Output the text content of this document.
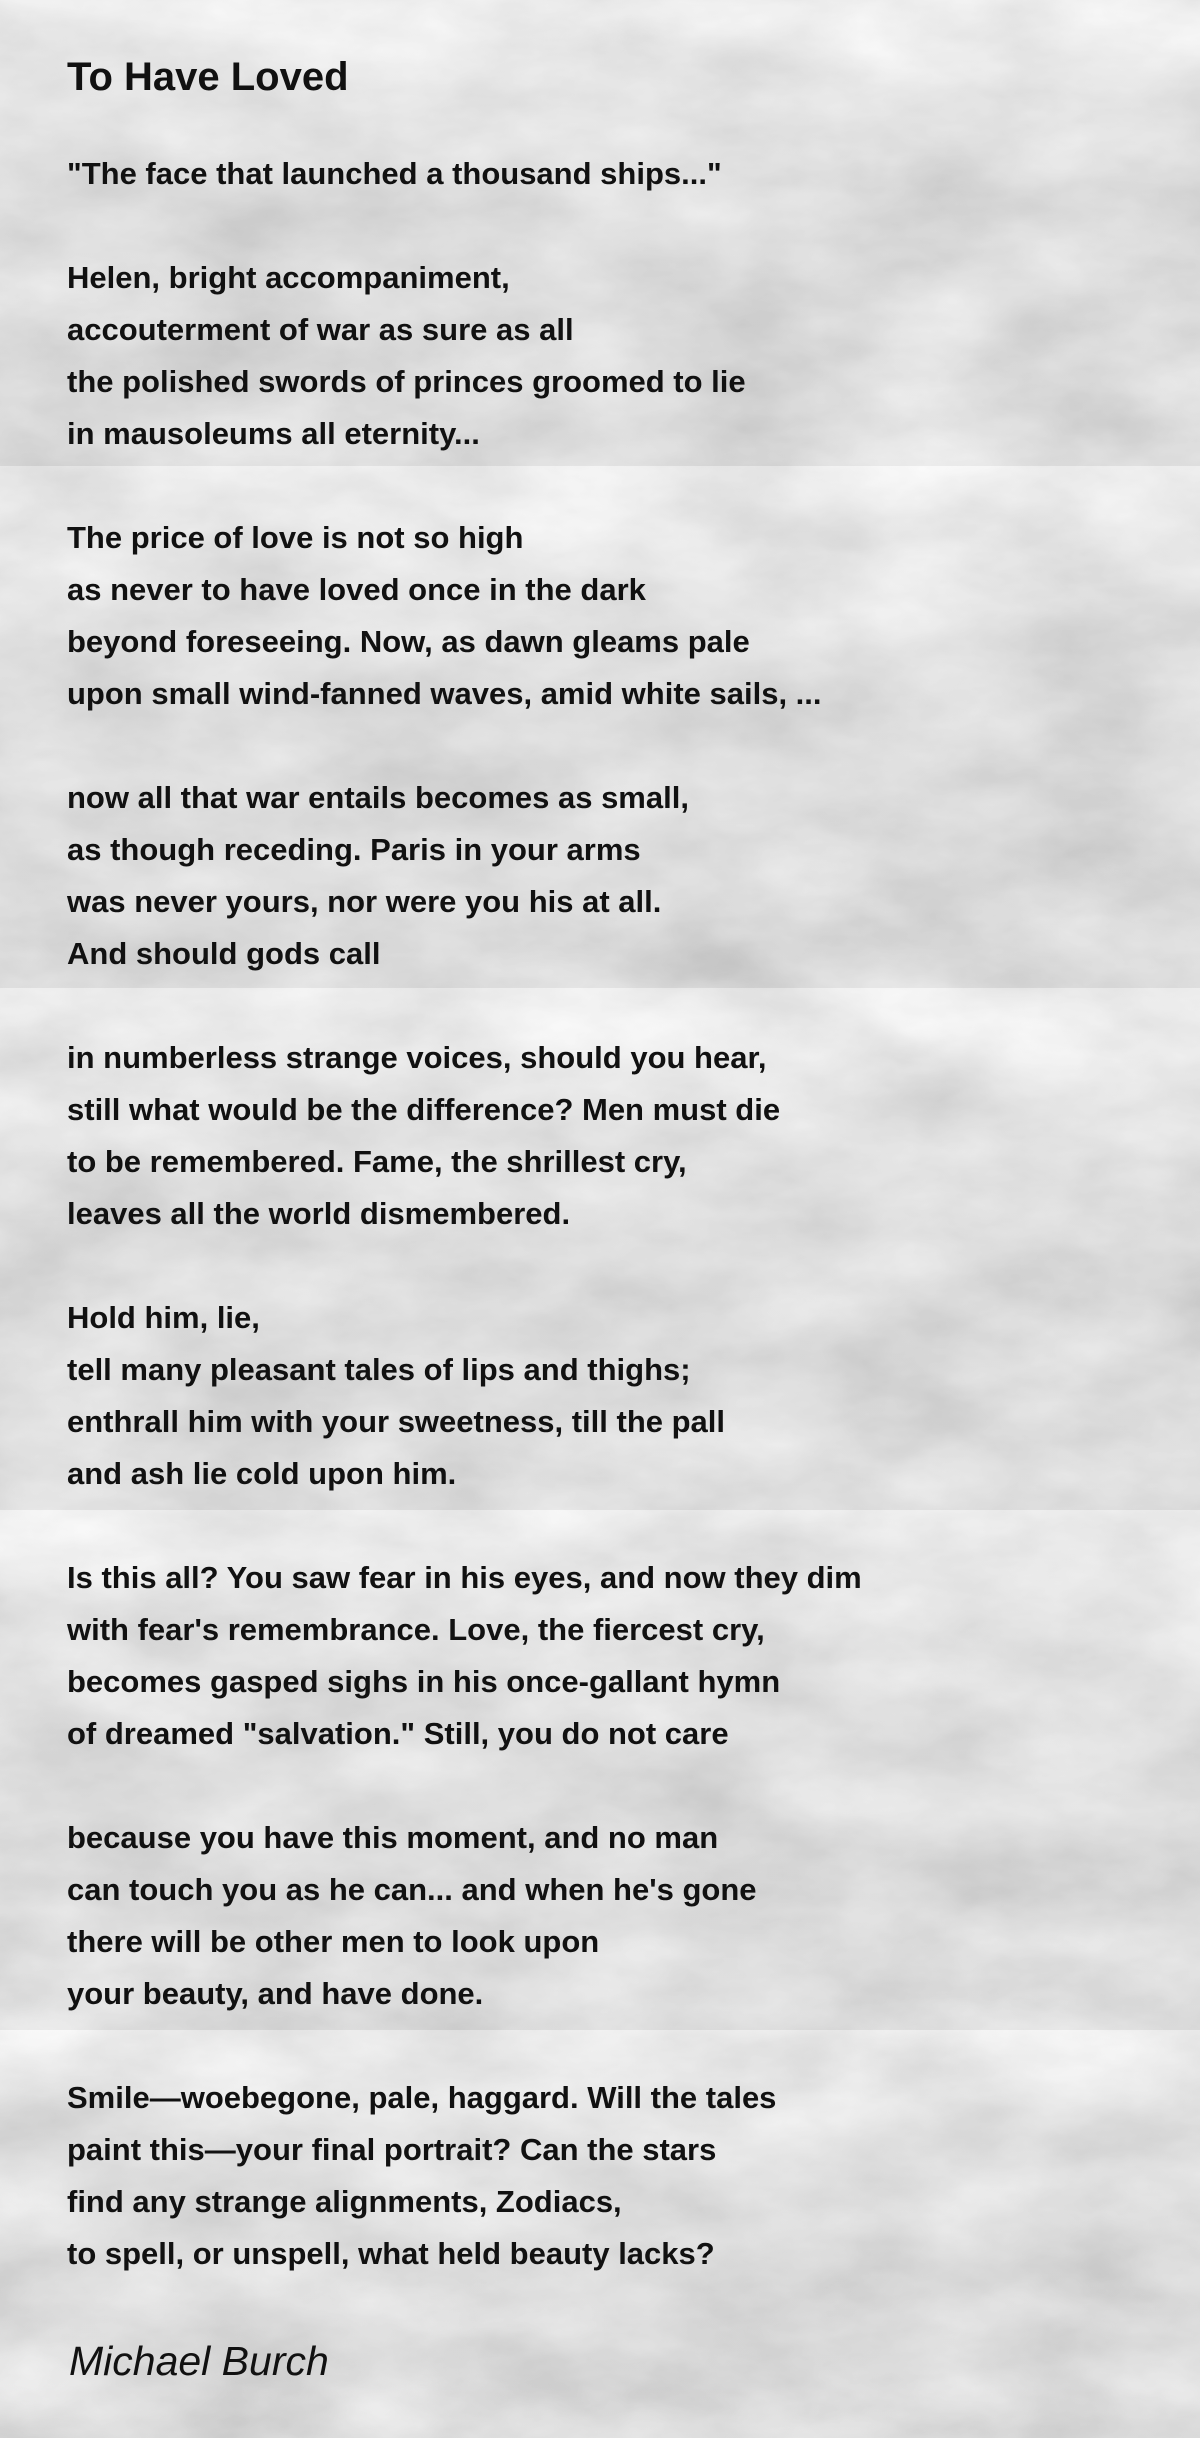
To Have Loved
"The face that launched a thousand ships..."
Helen, bright accompaniment,
accouterment of war as sure as all
the polished swords of princes groomed to lie
in mausoleums all eternity...
The price of love is not so high
as never to have loved once in the dark
beyond foreseeing. Now, as dawn gleams pale
upon small wind-fanned waves, amid white sails, ...
now all that war entails becomes as small,
as though receding. Paris in your arms
was never yours, nor were you his at all.
And should gods call
in numberless strange voices, should you hear,
still what would be the difference? Men must die
to be remembered. Fame, the shrillest cry,
leaves all the world dismembered.
Hold him, lie,
tell many pleasant tales of lips and thighs;
enthrall him with your sweetness, till the pall
and ash lie cold upon him.
Is this all? You saw fear in his eyes, and now they dim
with fear's remembrance. Love, the fiercest cry,
becomes gasped sighs in his once-gallant hymn
of dreamed "salvation." Still, you do not care
because you have this moment, and no man
can touch you as he can... and when he's gone
there will be other men to look upon
your beauty, and have done.
Smile—woebegone, pale, haggard. Will the tales
paint this—your final portrait? Can the stars
find any strange alignments, Zodiacs,
to spell, or unspell, what held beauty lacks?
Michael Burch
